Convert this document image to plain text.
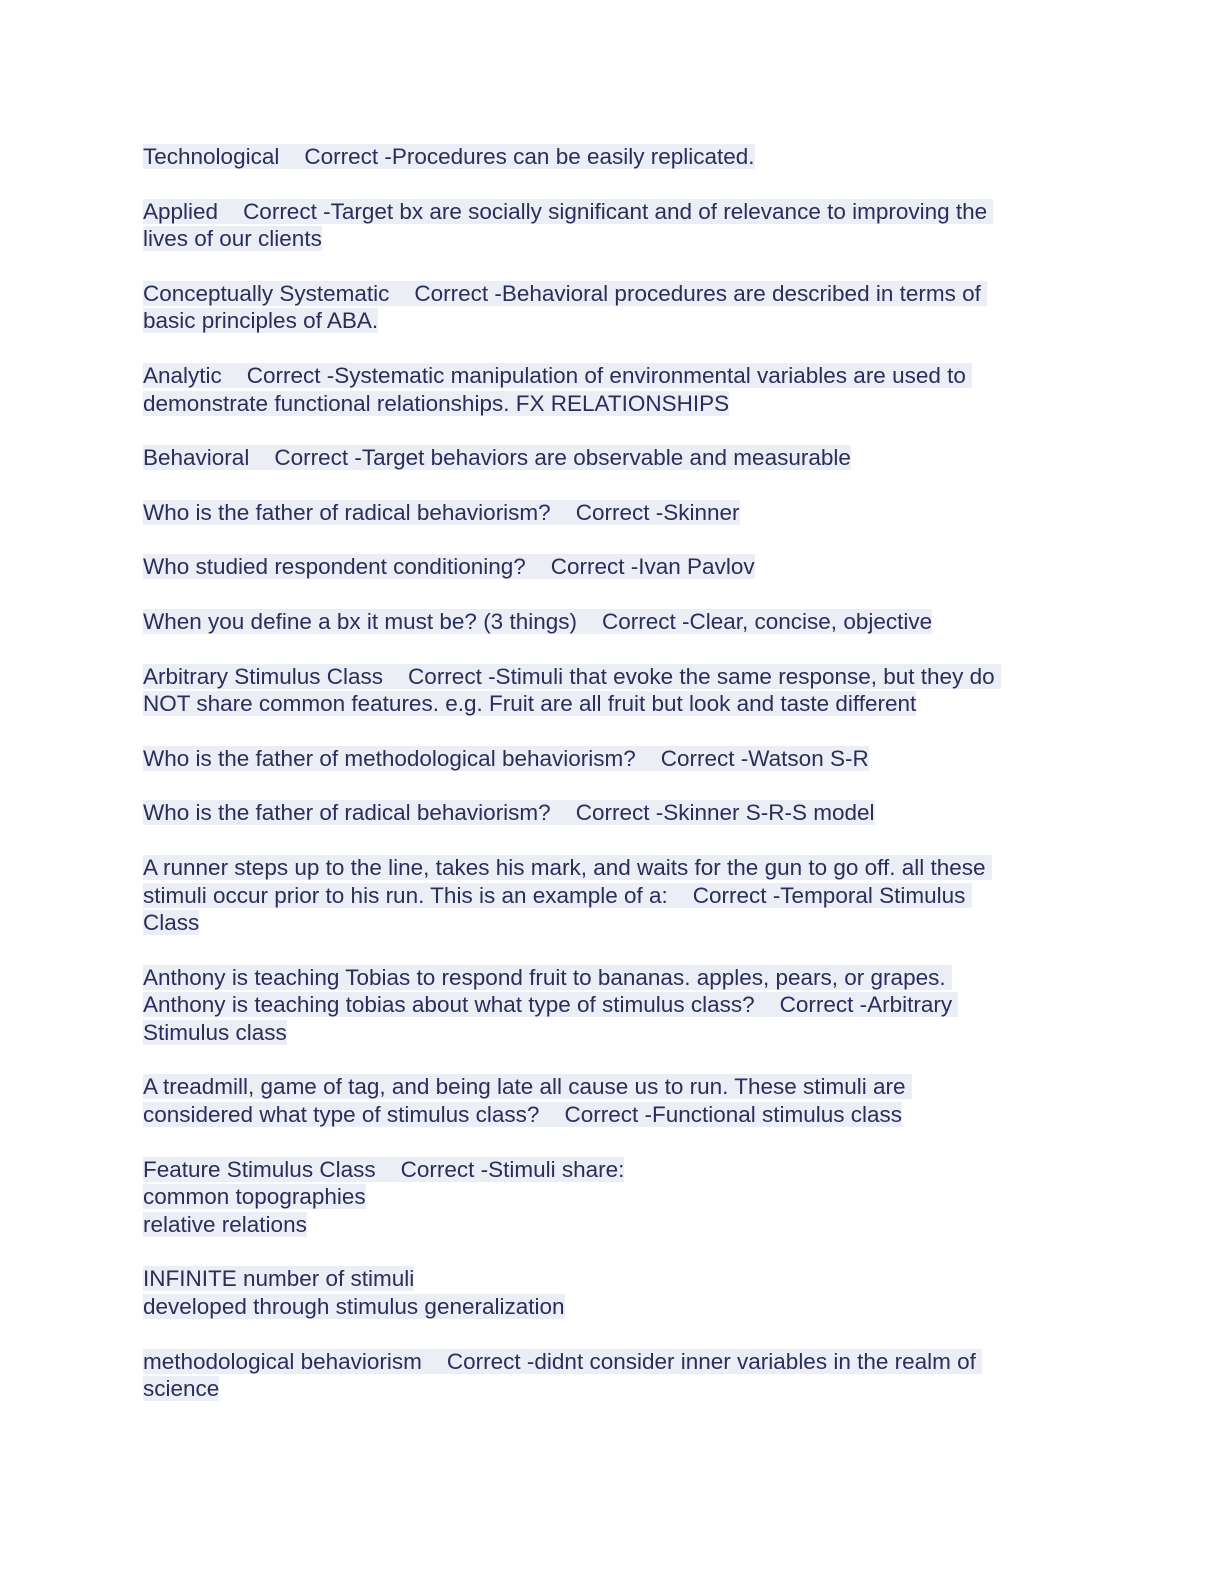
Technological    Correct -Procedures can be easily replicated.
Applied    Correct -Target bx are socially significant and of relevance to improving the
lives of our clients
Conceptually Systematic    Correct -Behavioral procedures are described in terms of
basic principles of ABA.
Analytic    Correct -Systematic manipulation of environmental variables are used to
demonstrate functional relationships. FX RELATIONSHIPS
Behavioral    Correct -Target behaviors are observable and measurable
Who is the father of radical behaviorism?    Correct -Skinner
Who studied respondent conditioning?    Correct -Ivan Pavlov
When you define a bx it must be? (3 things)    Correct -Clear, concise, objective
Arbitrary Stimulus Class    Correct -Stimuli that evoke the same response, but they do
NOT share common features. e.g. Fruit are all fruit but look and taste different
Who is the father of methodological behaviorism?    Correct -Watson S-R
Who is the father of radical behaviorism?    Correct -Skinner S-R-S model
A runner steps up to the line, takes his mark, and waits for the gun to go off. all these
stimuli occur prior to his run. This is an example of a:    Correct -Temporal Stimulus
Class
Anthony is teaching Tobias to respond fruit to bananas. apples, pears, or grapes.
Anthony is teaching tobias about what type of stimulus class?    Correct -Arbitrary
Stimulus class
A treadmill, game of tag, and being late all cause us to run. These stimuli are
considered what type of stimulus class?    Correct -Functional stimulus class
Feature Stimulus Class    Correct -Stimuli share:
common topographies
relative relations
INFINITE number of stimuli
developed through stimulus generalization
methodological behaviorism    Correct -didnt consider inner variables in the realm of
science
